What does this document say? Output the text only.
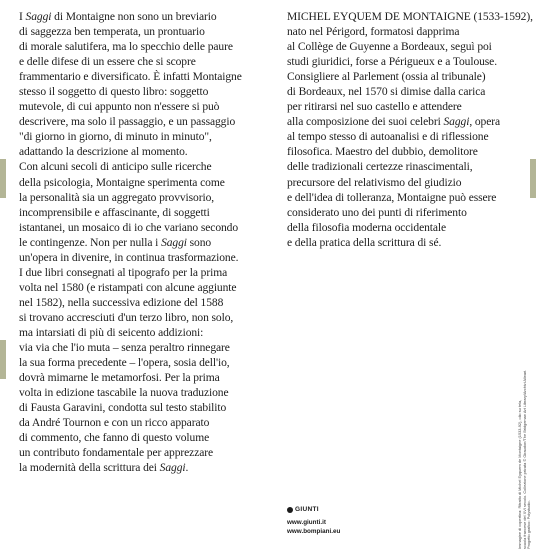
I Saggi di Montaigne non sono un breviario
di saggezza ben temperata, un prontuario
di morale salutifera, ma lo specchio delle paure
e delle difese di un essere che si scopre
frammentario e diversificato. È infatti Montaigne
stesso il soggetto di questo libro: soggetto
mutevole, di cui appunto non n'essere si può
descrivere, ma solo il passaggio, e un passaggio
"di giorno in giorno, di minuto in minuto",
adattando la descrizione al momento.
Con alcuni secoli di anticipo sulle ricerche
della psicologia, Montaigne sperimenta come
la personalità sia un aggregato provvisorio,
incomprensibile e affascinante, di soggetti
istantanei, un mosaico di io che variano secondo
le contingenze. Non per nulla i Saggi sono
un'opera in divenire, in continua trasformazione.
I due libri consegnati al tipografo per la prima
volta nel 1580 (e ristampati con alcune aggiunte
nel 1582), nella successiva edizione del 1588
si trovano accresciuti d'un terzo libro, non solo,
ma intarsiati di più di seicento addizioni:
via via che l'io muta – senza peraltro rinnegare
la sua forma precedente – l'opera, sosia dell'io,
dovrà mimarne le metamorfosi. Per la prima
volta in edizione tascabile la nuova traduzione
di Fausta Garavini, condotta sul testo stabilito
da André Tournon e con un ricco apparato
di commento, che fanno di questo volume
un contributo fondamentale per apprezzare
la modernità della scrittura dei Saggi.
MICHEL EYQUEM DE MONTAIGNE (1533-1592),
nato nel Périgord, formatosi dapprima
al Collège de Guyenne a Bordeaux, seguì poi
studi giuridici, forse a Périgueux e a Toulouse.
Consigliere al Parlement (ossia al tribunale)
di Bordeaux, nel 1570 si dimise dalla carica
per ritirarsi nel suo castello e attendere
alla composizione dei suoi celebri Saggi, opera
al tempo stesso di autoanalisi e di riflessione
filosofica. Maestro del dubbio, demolitore
delle tradizionali certezze rinascimentali,
precursore del relativismo del giudizio
e dell'idea di tolleranza, Montaigne può essere
considerato uno dei punti di riferimento
della filosofia moderna occidentale
e della pratica della scrittura di sé.
Immagine di copertina: Ritratto di Michel Eyquem de Montaigne (1533-92), olio su tela, scuola francese del XVI secolo. Collezione privata © Giraudon/The Bridgeman Art Library/Archivi Alinari. Progetto grafico: Polystudio.
GIUNTI
www.giunti.it
www.bompiani.eu
